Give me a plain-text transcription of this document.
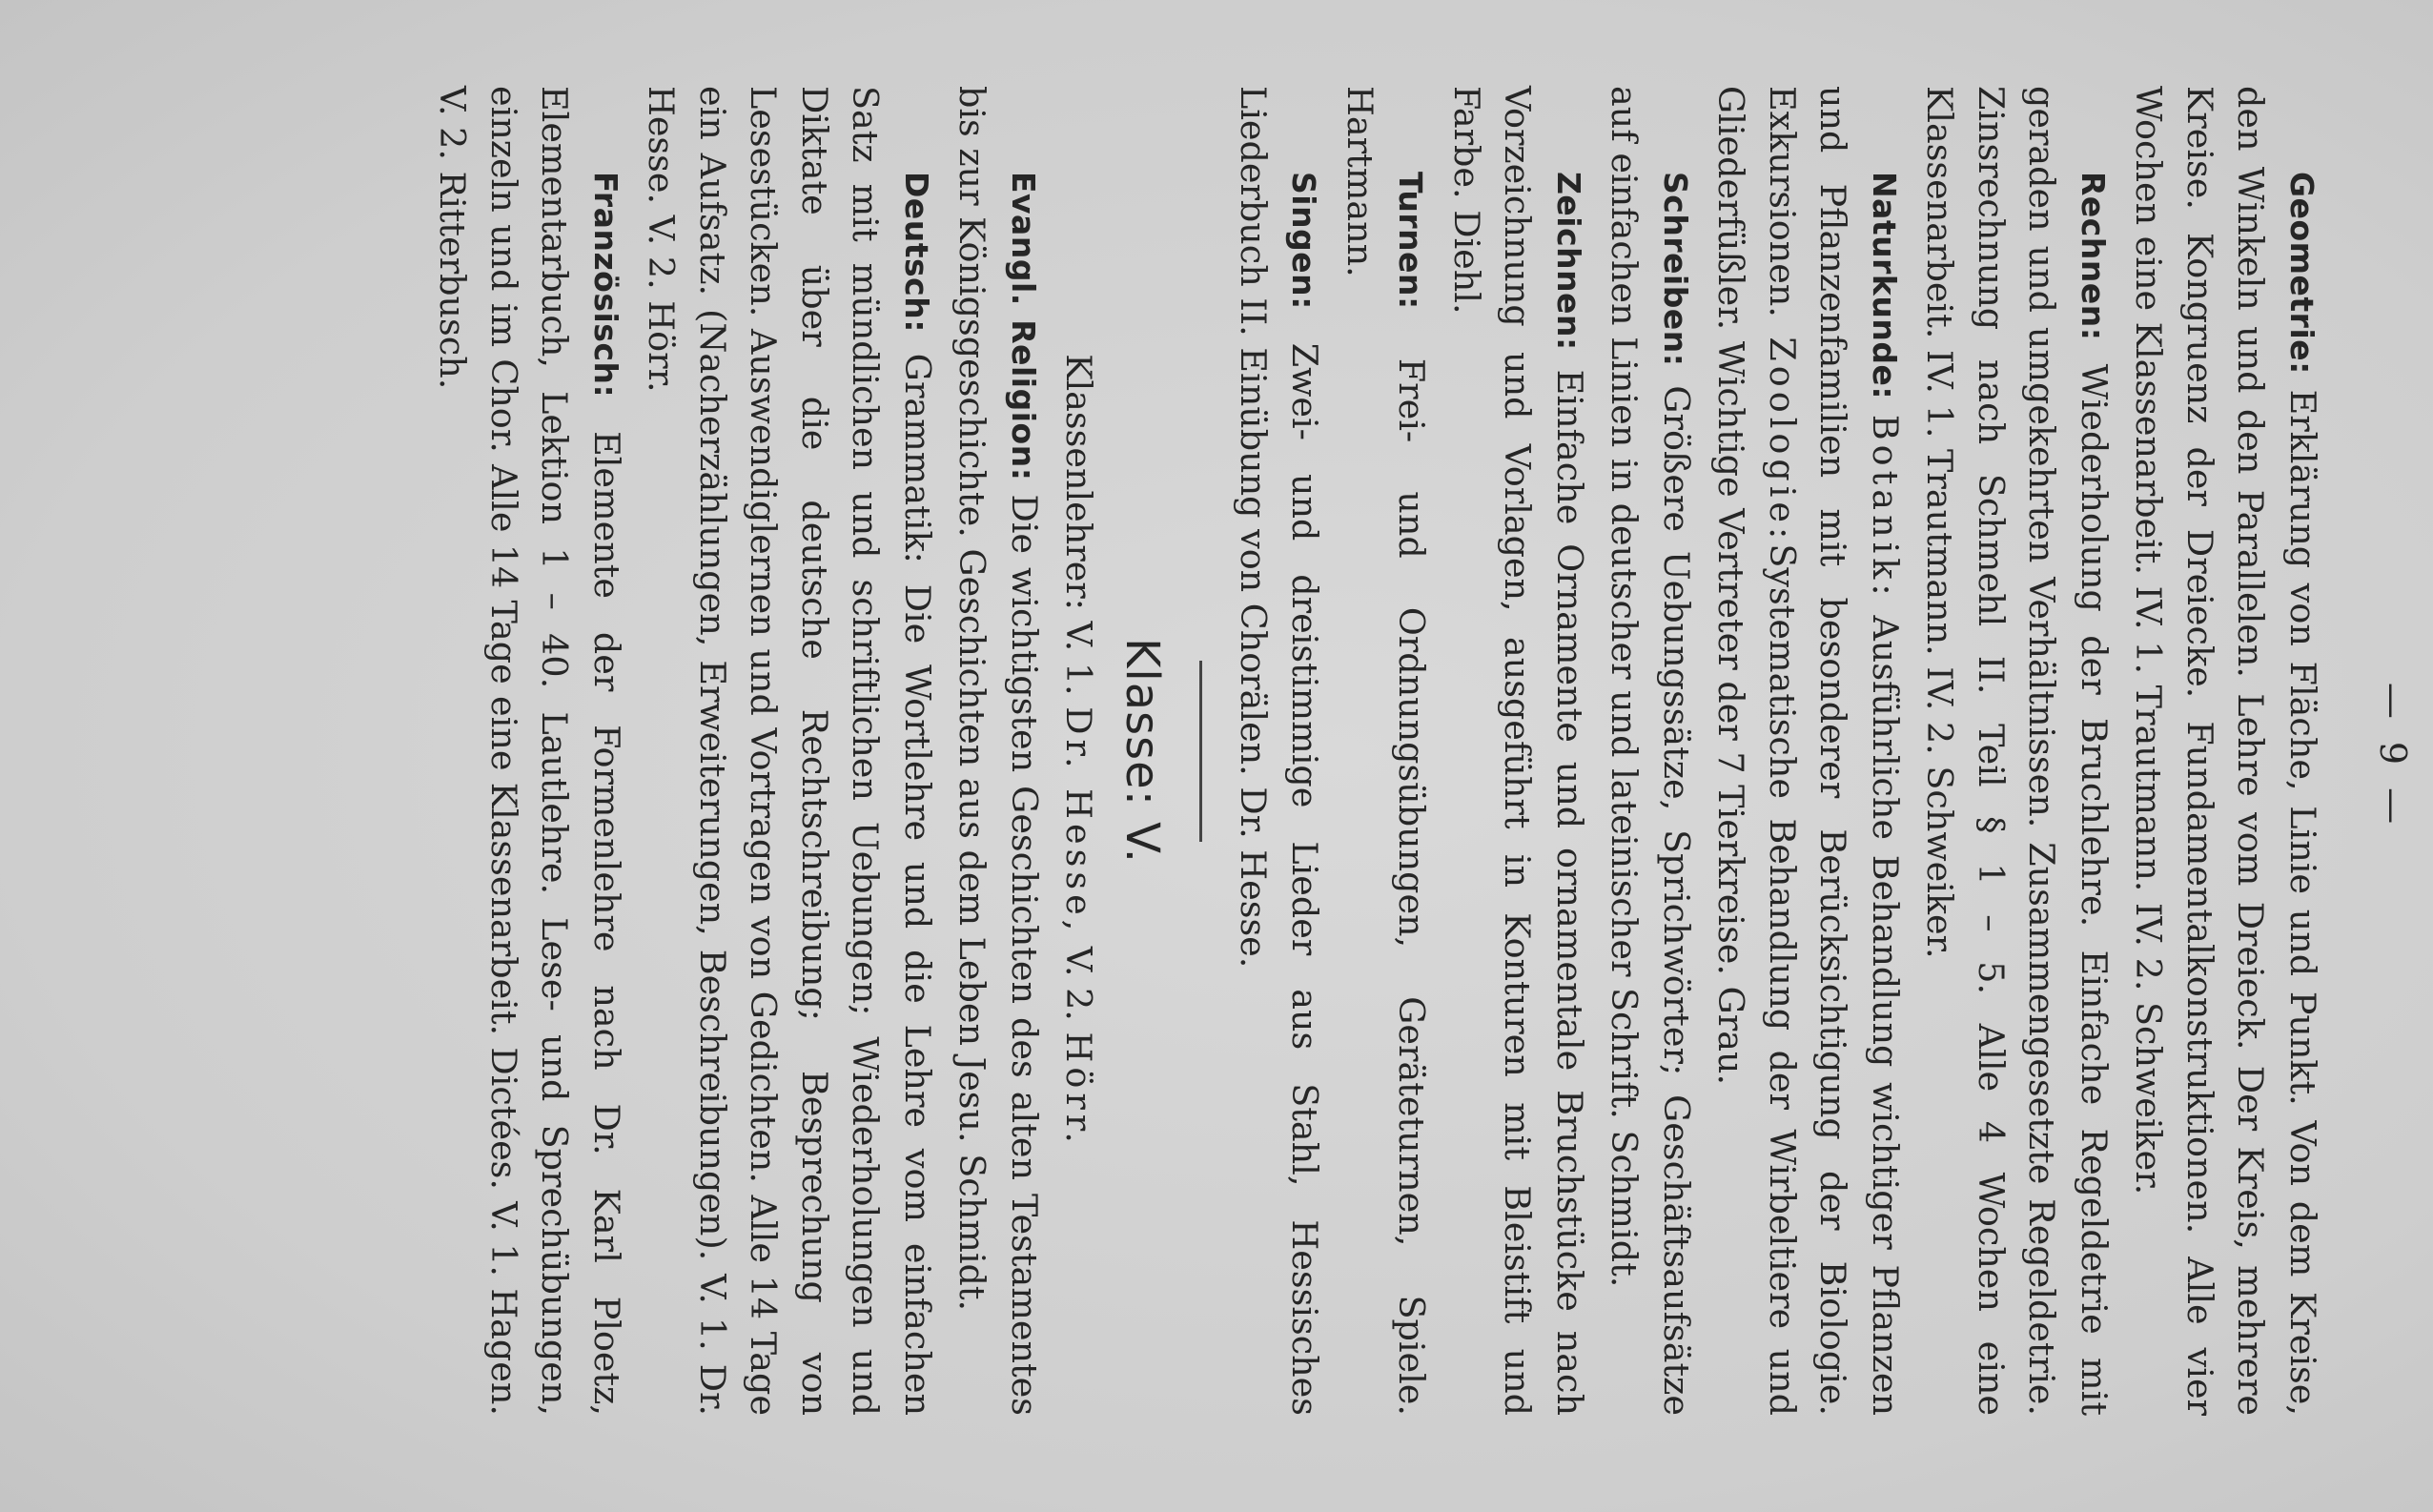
— 9 —

Geometrie: Erklärung von Fläche, Linie und Punkt. Von dem Kreise, den Winkeln und den Parallelen. Lehre vom Dreieck. Der Kreis, mehrere Kreise. Kongruenz der Dreiecke. Fundamentalkonstruktionen. Alle vier Wochen eine Klassenarbeit. IV. 1. Trautmann. IV. 2. Schweiker.

Rechnen: Wiederholung der Bruchlehre. Einfache Regeldetrie mit geraden und umgekehrten Verhältnissen. Zusammengesetzte Regeldetrie. Zinsrechnung nach Schmehl II. Teil § 1 – 5. Alle 4 Wochen eine Klassenarbeit. IV. 1. Trautmann. IV. 2. Schweiker.

Naturkunde: Botanik: Ausführliche Behandlung wichtiger Pflanzen und Pflanzenfamilien mit besonderer Berücksichtigung der Biologie. Exkursionen. Zoologie:Systematische Behandlung der Wirbeltiere und Gliederfüßler. Wichtige Vertreter der 7 Tierkreise. Grau.

Schreiben: Größere Uebungssätze, Sprichwörter; Geschäftsaufsätze auf einfachen Linien in deutscher und lateinischer Schrift. Schmidt.

Zeichnen: Einfache Ornamente und ornamentale Bruchstücke nach Vorzeichnung und Vorlagen, ausgeführt in Konturen mit Bleistift und Farbe. Diehl.

Turnen: Frei- und Ordnungsübungen, Geräteturnen, Spiele. Hartmann.

Singen: Zwei- und dreistimmige Lieder aus Stahl, Hessisches Liederbuch II. Einübung von Chorälen. Dr. Hesse.

Klasse: V.

Klassenlehrer: V. 1. Dr. Hesse, V. 2. Hörr.

Evangl. Religion: Die wichtigsten Geschichten des alten Testamentes bis zur Königsgeschichte. Geschichten aus dem Leben Jesu. Schmidt.

Deutsch: Grammatik: Die Wortlehre und die Lehre vom einfachen Satz mit mündlichen und schriftlichen Uebungen; Wiederholungen und Diktate über die deutsche Rechtschreibung; Besprechung von Lesestücken. Auswendiglernen und Vortragen von Gedichten. Alle 14 Tage ein Aufsatz. (Nacherzählungen, Erweiterungen, Beschreibungen). V. 1. Dr. Hesse. V. 2. Hörr.

Französisch: Elemente der Formenlehre nach Dr. Karl Ploetz, Elementarbuch, Lektion 1 – 40. Lautlehre. Lese- und Sprechübungen, einzeln und im Chor. Alle 14 Tage eine Klassenarbeit. Dictées. V. 1. Hagen. V. 2. Ritterbusch.
